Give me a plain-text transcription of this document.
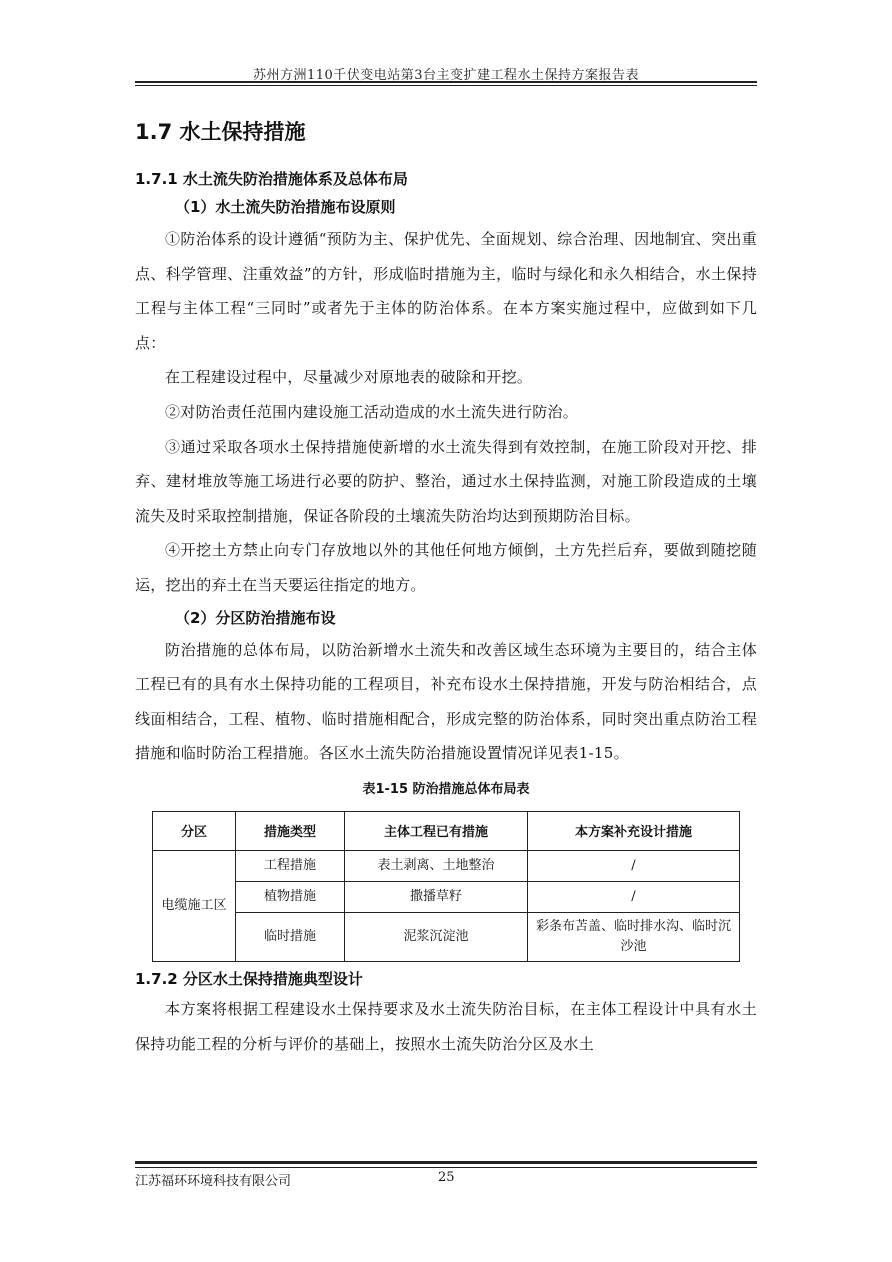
苏州方洲110千伏变电站第3台主变扩建工程水土保持方案报告表
1.7 水土保持措施
1.7.1 水土流失防治措施体系及总体布局
（1）水土流失防治措施布设原则

①防治体系的设计遵循“预防为主、保护优先、全面规划、综合治理、因地制宜、突出重点、科学管理、注重效益”的方针，形成临时措施为主，临时与绿化和永久相结合，水土保持工程与主体工程“三同时”或者先于主体的防治体系。在本方案实施过程中，应做到如下几点：

在工程建设过程中，尽量减少对原地表的破除和开挖。

②对防治责任范围内建设施工活动造成的水土流失进行防治。

③通过采取各项水土保持措施使新增的水土流失得到有效控制，在施工阶段对开挖、排弃、建材堆放等施工场进行必要的防护、整治，通过水土保持监测，对施工阶段造成的土壤流失及时采取控制措施，保证各阶段的土壤流失防治均达到预期防治目标。

④开挖土方禁止向专门存放地以外的其他任何地方倾倒，土方先拦后弃，要做到随挖随运，挖出的弃土在当天要运往指定的地方。

（2）分区防治措施布设

防治措施的总体布局，以防治新增水土流失和改善区域生态环境为主要目的，结合主体工程已有的具有水土保持功能的工程项目，补充布设水土保持措施，开发与防治相结合，点线面相结合，工程、植物、临时措施相配合，形成完整的防治体系，同时突出重点防治工程措施和临时防治工程措施。各区水土流失防治措施设置情况详见表1-15。

表1-15 防治措施总体布局表
分区	措施类型	主体工程已有措施	本方案补充设计措施
电缆施工区	工程措施	表土剥离、土地整治	/
	植物措施	撒播草籽	/
	临时措施	泥浆沉淀池	彩条布苫盖、临时排水沟、临时沉沙池
1.7.2 分区水土保持措施典型设计

本方案将根据工程建设水土保持要求及水土流失防治目标，在主体工程设计中具有水土保持功能工程的分析与评价的基础上，按照水土流失防治分区及水土

江苏福环环境科技有限公司	25
